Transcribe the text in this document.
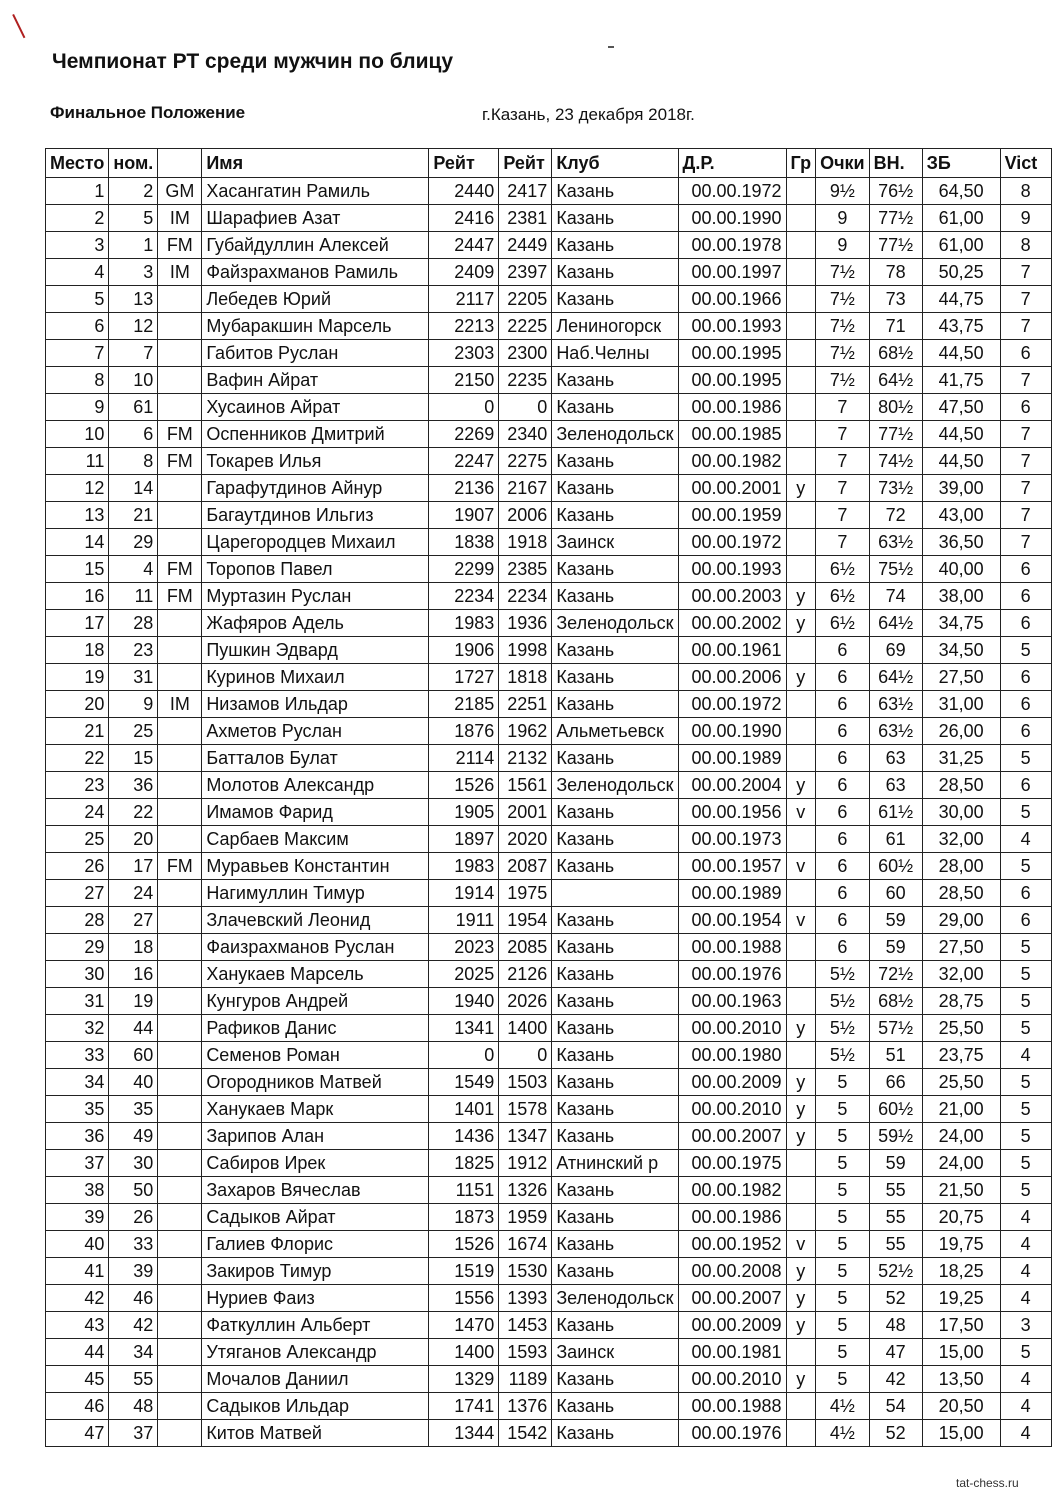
Чемпионат РТ среди мужчин по блицу
Финальное Положение	г.Казань, 23 декабря 2018г.
Место	ном.		Имя	Рейт	Рейт	Клуб	Д.Р.	Гр	Очки	ВН.	ЗБ	Vict
1	2	GM	Хасангатин Рамиль	2440	2417	Казань	00.00.1972		9½	76½	64,50	8
2	5	IM	Шарафиев Азат	2416	2381	Казань	00.00.1990		9	77½	61,00	9
3	1	FM	Губайдуллин Алексей	2447	2449	Казань	00.00.1978		9	77½	61,00	8
4	3	IM	Файзрахманов Рамиль	2409	2397	Казань	00.00.1997		7½	78	50,25	7
5	13		Лебедев Юрий	2117	2205	Казань	00.00.1966		7½	73	44,75	7
6	12		Мубаракшин Марсель	2213	2225	Лениногорск	00.00.1993		7½	71	43,75	7
7	7		Габитов Руслан	2303	2300	Наб.Челны	00.00.1995		7½	68½	44,50	6
8	10		Вафин Айрат	2150	2235	Казань	00.00.1995		7½	64½	41,75	7
9	61		Хусаинов Айрат	0	0	Казань	00.00.1986		7	80½	47,50	6
10	6	FM	Оспенников Дмитрий	2269	2340	Зеленодольск	00.00.1985		7	77½	44,50	7
11	8	FM	Токарев Илья	2247	2275	Казань	00.00.1982		7	74½	44,50	7
12	14		Гарафутдинов Айнур	2136	2167	Казань	00.00.2001	у	7	73½	39,00	7
13	21		Багаутдинов Ильгиз	1907	2006	Казань	00.00.1959		7	72	43,00	7
14	29		Царегородцев Михаил	1838	1918	Заинск	00.00.1972		7	63½	36,50	7
15	4	FM	Торопов Павел	2299	2385	Казань	00.00.1993		6½	75½	40,00	6
16	11	FM	Муртазин Руслан	2234	2234	Казань	00.00.2003	у	6½	74	38,00	6
17	28		Жафяров Адель	1983	1936	Зеленодольск	00.00.2002	у	6½	64½	34,75	6
18	23		Пушкин Эдвард	1906	1998	Казань	00.00.1961		6	69	34,50	5
19	31		Куринов Михаил	1727	1818	Казань	00.00.2006	у	6	64½	27,50	6
20	9	IM	Низамов Ильдар	2185	2251	Казань	00.00.1972		6	63½	31,00	6
21	25		Ахметов Руслан	1876	1962	Альметьевск	00.00.1990		6	63½	26,00	6
22	15		Батталов Булат	2114	2132	Казань	00.00.1989		6	63	31,25	5
23	36		Молотов Александр	1526	1561	Зеленодольск	00.00.2004	у	6	63	28,50	6
24	22		Имамов Фарид	1905	2001	Казань	00.00.1956	v	6	61½	30,00	5
25	20		Сарбаев Максим	1897	2020	Казань	00.00.1973		6	61	32,00	4
26	17	FM	Муравьев Константин	1983	2087	Казань	00.00.1957	v	6	60½	28,00	5
27	24		Нагимуллин Тимур	1914	1975		00.00.1989		6	60	28,50	6
28	27		Злачевский Леонид	1911	1954	Казань	00.00.1954	v	6	59	29,00	6
29	18		Фаизрахманов Руслан	2023	2085	Казань	00.00.1988		6	59	27,50	5
30	16		Ханукаев Марсель	2025	2126	Казань	00.00.1976		5½	72½	32,00	5
31	19		Кунгуров Андрей	1940	2026	Казань	00.00.1963		5½	68½	28,75	5
32	44		Рафиков Данис	1341	1400	Казань	00.00.2010	у	5½	57½	25,50	5
33	60		Семенов Роман	0	0	Казань	00.00.1980		5½	51	23,75	4
34	40		Огородников Матвей	1549	1503	Казань	00.00.2009	у	5	66	25,50	5
35	35		Ханукаев Марк	1401	1578	Казань	00.00.2010	у	5	60½	21,00	5
36	49		Зарипов Алан	1436	1347	Казань	00.00.2007	у	5	59½	24,00	5
37	30		Сабиров Ирек	1825	1912	Атнинский р	00.00.1975		5	59	24,00	5
38	50		Захаров Вячеслав	1151	1326	Казань	00.00.1982		5	55	21,50	5
39	26		Садыков Айрат	1873	1959	Казань	00.00.1986		5	55	20,75	4
40	33		Галиев Флорис	1526	1674	Казань	00.00.1952	v	5	55	19,75	4
41	39		Закиров Тимур	1519	1530	Казань	00.00.2008	у	5	52½	18,25	4
42	46		Нуриев Фаиз	1556	1393	Зеленодольск	00.00.2007	у	5	52	19,25	4
43	42		Фаткуллин Альберт	1470	1453	Казань	00.00.2009	у	5	48	17,50	3
44	34		Утяганов Александр	1400	1593	Заинск	00.00.1981		5	47	15,00	5
45	55		Мочалов Даниил	1329	1189	Казань	00.00.2010	у	5	42	13,50	4
46	48		Садыков Ильдар	1741	1376	Казань	00.00.1988		4½	54	20,50	4
47	37		Китов Матвей	1344	1542	Казань	00.00.1976		4½	52	15,00	4
tat-chess.ru
